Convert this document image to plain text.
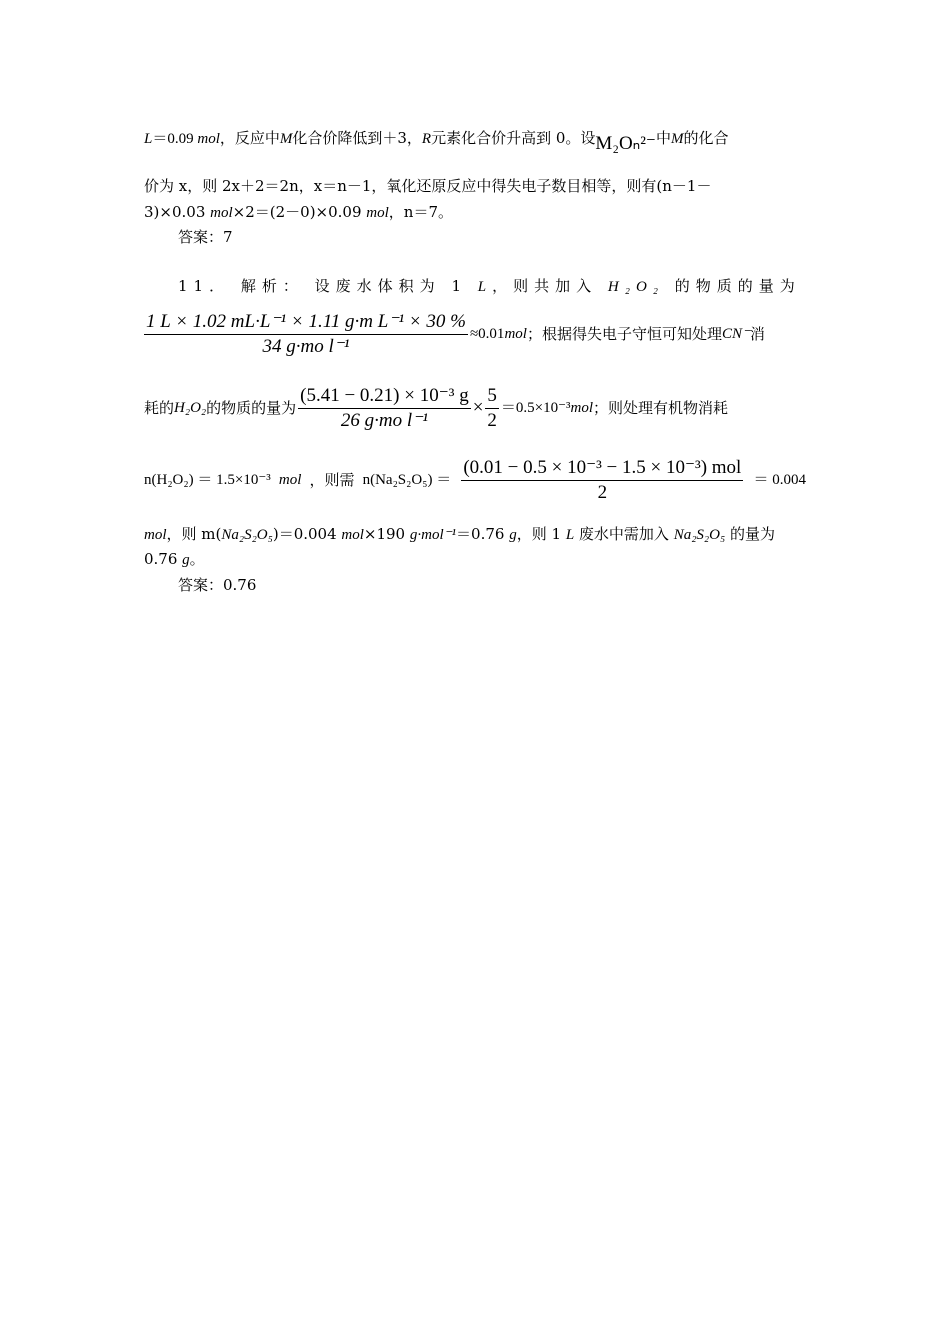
L＝0.09 mol，反应中M化合价降低到＋3，R元素化合价升高到 0。设M₂Oₙ²⁻中M的化合
价为 x，则 2x＋2＝2n，x＝n－1，氧化还原反应中得失电子数目相等，则有(n－1－
3)×0.03 mol×2＝(2－0)×0.09 mol，n＝7。
答案：7
11． 解析： 设废水体积为 1 L，则共加入 H₂O₂ 的物质的量为
$\frac{\text{1 L × 1.02 mL·L⁻¹ × 1.11 g·m L⁻¹ × 30 \%}}{\text{34 g·mo l⁻¹}} \approx 0.01$ mol ；根据得失电子守恒可知处理 CN⁻ 消
耗的 H₂O₂ 的物质的量为 $\frac{\text{(5.41 − 0.21) × 10⁻³ g}}{\text{26 g·mo l⁻¹}} \times \frac{5}{2} =0.5\times 10^{-3}$ mol ；则处理有机物消耗
n(H₂O₂) ＝ 1.5×10⁻³ mol ，则需 $n(Na_2S_2O_5) = \frac{\text{(0.01 − 0.5 × 10⁻³ − 1.5 × 10⁻³) mol}}{2} = 0.004$
mol，则 m(Na₂S₂O₅)＝0.004 mol×190 g·mol⁻¹＝0.76 g，则 1 L 废水中需加入 Na₂S₂O₅ 的量为
0.76 g。
答案：0.76
